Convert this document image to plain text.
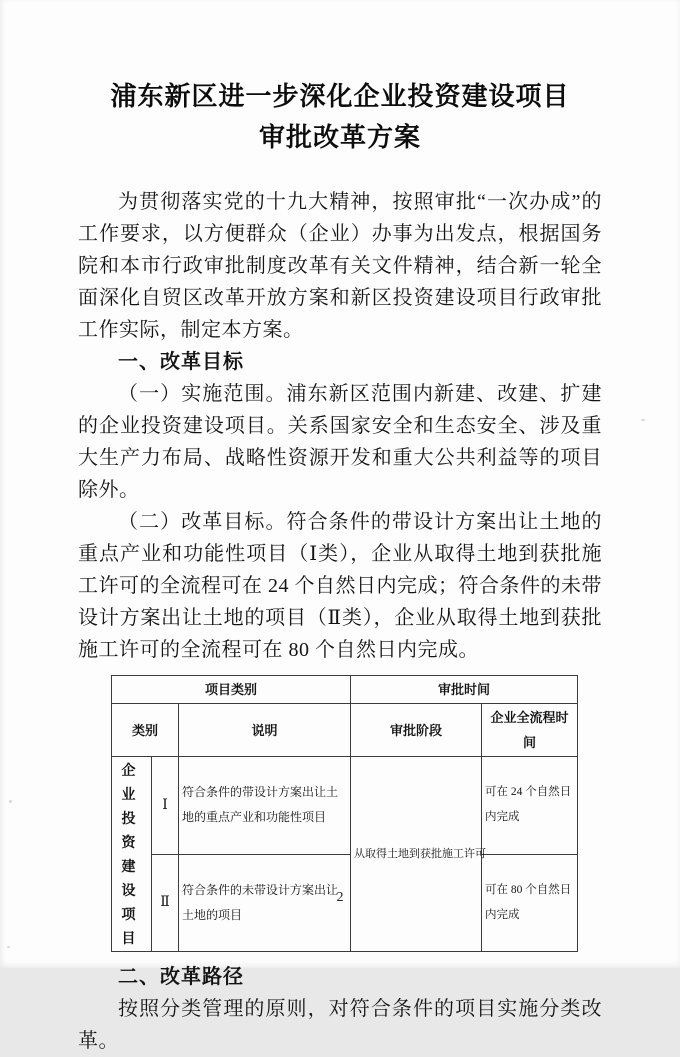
浦东新区进一步深化企业投资建设项目
审批改革方案

为贯彻落实党的十九大精神，按照审批“一次办成”的工作要求，以方便群众（企业）办事为出发点，根据国务院和本市行政审批制度改革有关文件精神，结合新一轮全面深化自贸区改革开放方案和新区投资建设项目行政审批工作实际，制定本方案。

一、改革目标

（一）实施范围。浦东新区范围内新建、改建、扩建的企业投资建设项目。关系国家安全和生态安全、涉及重大生产力布局、战略性资源开发和重大公共利益等的项目除外。

（二）改革目标。符合条件的带设计方案出让土地的重点产业和功能性项目（Ⅰ类），企业从取得土地到获批施工许可的全流程可在 24 个自然日内完成；符合条件的未带设计方案出让土地的项目（Ⅱ类），企业从取得土地到获批施工许可的全流程可在 80 个自然日内完成。

项目类别			审批时间	
类别		说明	审批阶段	企业全流程时间
企业投资建设项目	Ⅰ	符合条件的带设计方案出让土地的重点产业和功能性项目	从取得土地到获批施工许可	可在 24 个自然日内完成
	Ⅱ	符合条件的未带设计方案出让土地的项目		可在 80 个自然日内完成

二、改革路径

按照分类管理的原则，对符合条件的项目实施分类改革。

2
